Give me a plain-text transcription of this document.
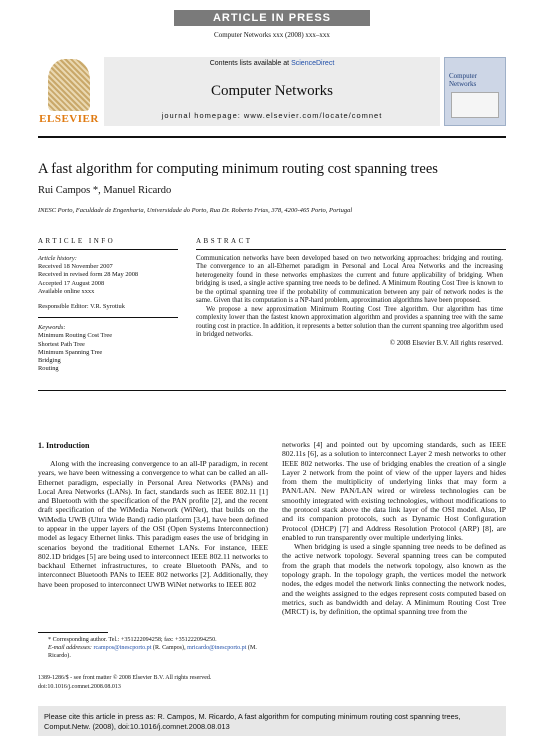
ARTICLE IN PRESS
Computer Networks xxx (2008) xxx–xxx
ELSEVIER
Contents lists available at ScienceDirect
Computer Networks
journal homepage: www.elsevier.com/locate/comnet
Computer Networks
A fast algorithm for computing minimum routing cost spanning trees
Rui Campos *, Manuel Ricardo
INESC Porto, Faculdade de Engenharia, Universidade do Porto, Rua Dr. Roberto Frias, 378, 4200-465 Porto, Portugal
ARTICLE INFO	ABSTRACT
Article history:
Received 18 November 2007
Received in revised form 28 May 2008
Accepted 17 August 2008
Available online xxxx
Responsible Editor: V.R. Syrotiuk
Keywords:
Minimum Routing Cost Tree
Shortest Path Tree
Minimum Spanning Tree
Bridging
Routing

Communication networks have been developed based on two networking approaches: bridging and routing. The convergence to an all-Ethernet paradigm in Personal and Local Area Networks and the increasing heterogeneity found in these networks emphasizes the current and future applicability of bridging. When bridging is used, a single active spanning tree needs to be defined. A Minimum Routing Cost Tree is known to be the optimal spanning tree if the probability of communication between any pair of network nodes is the same. Given that its computation is a NP-hard problem, approximation algorithms have been proposed.

We propose a new approximation Minimum Routing Cost Tree algorithm. Our algorithm has time complexity lower than the fastest known approximation algorithm and provides a spanning tree with the same routing cost in practice. In addition, it represents a better solution than the current spanning tree algorithm used in bridged networks.

© 2008 Elsevier B.V. All rights reserved.

1. Introduction

Along with the increasing convergence to an all-IP paradigm, in recent years, we have been witnessing a convergence to what can be called an all-Ethernet paradigm, especially in Personal Area Networks (PANs) and Local Area Networks (LANs). In fact, standards such as IEEE 802.11 [1] and Bluetooth with the specification of the PAN profile [2], and the recent draft specification of the WiMedia Network (WiNet), that builds on the WiMedia UWB (Ultra Wide Band) radio platform [3,4], have been defined to appear in the upper layers of the OSI (Open Systems Interconnection) model as legacy Ethernet links. This paradigm eases the use of bridging in scenarios beyond the traditional Ethernet LANs. For instance, IEEE 802.1D bridges [5] are being used to interconnect IEEE 802.11 networks to backhaul Ethernet infrastructures, to create Bluetooth PANs, and to interconnect Bluetooth PANs to IEEE 802 networks [2]. Additionally, they have been proposed to interconnect UWB WiNet networks to IEEE 802

networks [4] and pointed out by upcoming standards, such as IEEE 802.11s [6], as a solution to interconnect Layer 2 mesh networks to other IEEE 802 networks. The use of bridging enables the creation of a single Layer 2 network from the point of view of the upper layers and hides from them the multiplicity of underlying links that may form a PAN/LAN. New PAN/LAN wired or wireless technologies can be smoothly integrated with existing technologies, without modifications to the protocol stack above the data link layer of the OSI model. Also, IP and its companion protocols, such as Dynamic Host Configuration Protocol (DHCP) [7] and Address Resolution Protocol (ARP) [8], are enabled to run transparently over multiple underlying links.

When bridging is used a single spanning tree needs to be defined as the active network topology. Several spanning trees can be computed from the graph that models the network topology, also known as the topology graph. In the topology graph, the vertices model the network nodes, the edges model the network links connecting the network nodes, and the weights assigned to the edges represent costs computed based on metrics, such as bandwidth and delay. A Minimum Routing Cost Tree (MRCT) is, by definition, the optimal spanning tree from the

* Corresponding author. Tel.: +351222094258; fax: +351222094250.
E-mail addresses: rcampos@inescporto.pt (R. Campos), mricardo@inescporto.pt (M. Ricardo).
1389-1286/$ - see front matter © 2008 Elsevier B.V. All rights reserved.
doi:10.1016/j.comnet.2008.08.013
Please cite this article in press as: R. Campos, M. Ricardo, A fast algorithm for computing minimum routing cost spanning trees, Comput.Netw. (2008), doi:10.1016/j.comnet.2008.08.013
